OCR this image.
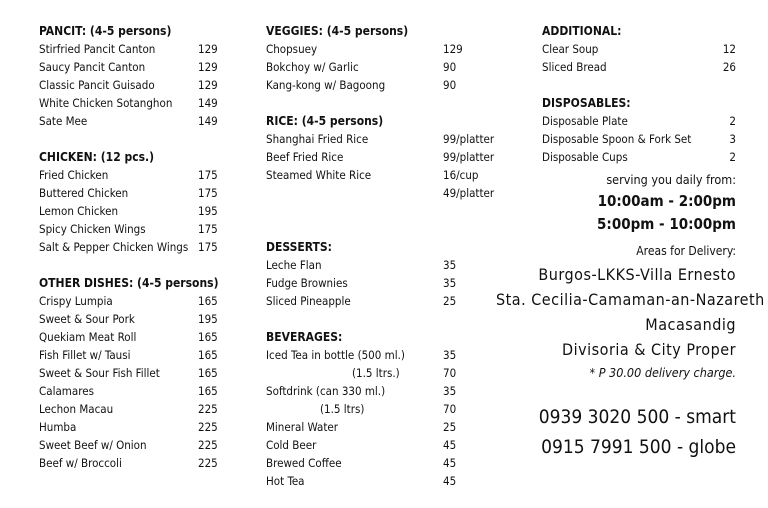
PANCIT: (4-5 persons)
Stirfried Pancit Canton	129
Saucy Pancit Canton	129
Classic Pancit Guisado	129
White Chicken Sotanghon	149
Sate Mee	149
CHICKEN: (12 pcs.)
Fried Chicken	175
Buttered Chicken	175
Lemon Chicken	195
Spicy Chicken Wings	175
Salt & Pepper Chicken Wings 175
OTHER DISHES: (4-5 persons)
Crispy Lumpia	165
Sweet & Sour Pork	195
Quekiam Meat Roll	165
Fish Fillet w/ Tausi	165
Sweet & Sour Fish Fillet	165
Calamares	165
Lechon Macau	225
Humba	225
Sweet Beef w/ Onion	225
Beef w/ Broccoli	225
VEGGIES: (4-5 persons)
Chopsuey	129
Bokchoy w/ Garlic	90
Kang-kong w/ Bagoong	90
RICE: (4-5 persons)
Shanghai Fried Rice	99/platter
Beef Fried Rice	99/platter
Steamed White Rice	16/cup
49/platter
DESSERTS:
Leche Flan	35
Fudge Brownies	35
Sliced Pineapple	25
BEVERAGES:
Iced Tea in bottle (500 ml.)	35
(1.5 ltrs.)	70
Softdrink (can 330 ml.)	35
(1.5 ltrs)	70
Mineral Water	25
Cold Beer	45
Brewed Coffee	45
Hot Tea	45
ADDITIONAL:
Clear Soup	12
Sliced Bread	26
DISPOSABLES:
Disposable Plate	2
Disposable Spoon & Fork Set	3
Disposable Cups	2
serving you daily from:
10:00am - 2:00pm
5:00pm - 10:00pm
Areas for Delivery:
Burgos-LKKS-Villa Ernesto
Sta. Cecilia-Camaman-an-Nazareth
Macasandig
Divisoria & City Proper
* P 30.00 delivery charge.
0939 3020 500 - smart
0915 7991 500 - globe
